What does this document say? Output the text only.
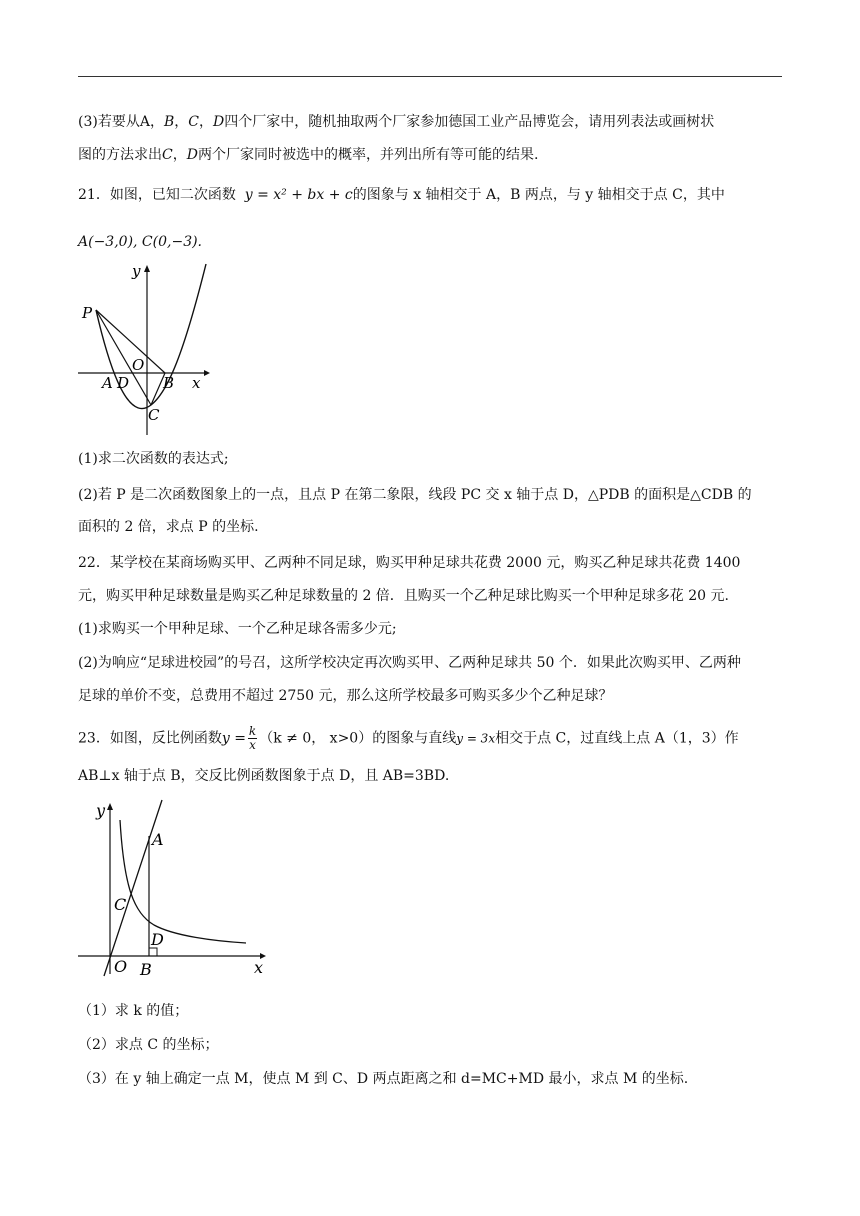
(3)若要从A，B，C，D四个厂家中，随机抽取两个厂家参加德国工业产品博览会，请用列表法或画树状
图的方法求出C，D两个厂家同时被选中的概率，并列出所有等可能的结果.
21．如图，已知二次函数 y = x² + bx + c的图象与 x 轴相交于 A，B 两点，与 y 轴相交于点 C，其中
A(−3,0), C(0,−3).
y
x
P
O
A D B
C
(1)求二次函数的表达式;
(2)若 P 是二次函数图象上的一点，且点 P 在第二象限，线段 PC 交 x 轴于点 D，△PDB 的面积是△CDB 的
面积的 2 倍，求点 P 的坐标.
22．某学校在某商场购买甲、乙两种不同足球，购买甲种足球共花费 2000 元，购买乙种足球共花费 1400
元，购买甲种足球数量是购买乙种足球数量的 2 倍．且购买一个乙种足球比购买一个甲种足球多花 20 元.
(1)求购买一个甲种足球、一个乙种足球各需多少元;
(2)为响应“足球进校园”的号召，这所学校决定再次购买甲、乙两种足球共 50 个．如果此次购买甲、乙两种
足球的单价不变，总费用不超过 2750 元，那么这所学校最多可购买多少个乙种足球？
23．如图，反比例函数$y = \frac{k}{x} (k \ne 0$， x>0）的图象与直线y = 3x相交于点 C，过直线上点 A（1，3）作
AB⊥x 轴于点 B，交反比例函数图象于点 D，且 AB=3BD.
y
x
A
C
D
O B
（1）求 k 的值；
（2）求点 C 的坐标；
（3）在 y 轴上确定一点 M，使点 M 到 C、D 两点距离之和 d=MC+MD 最小，求点 M 的坐标.
